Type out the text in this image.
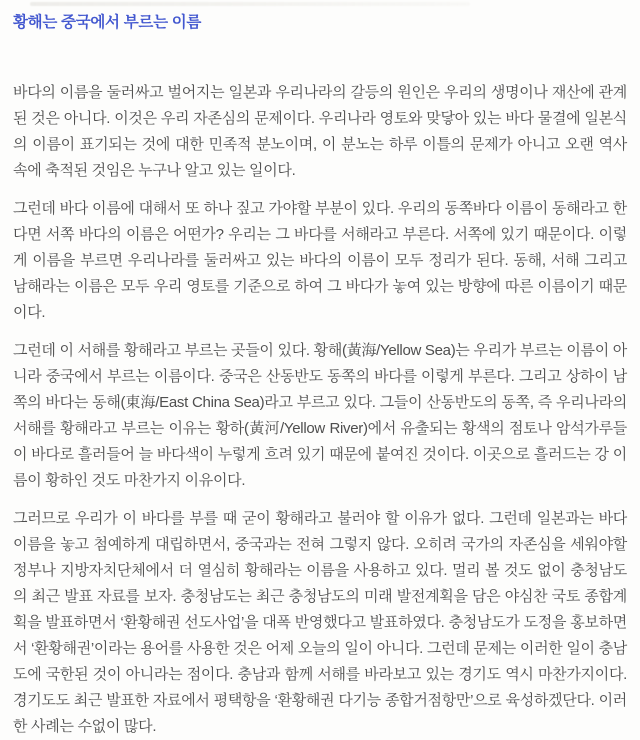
황해는 중국에서 부르는 이름

바다의 이름을 둘러싸고 벌어지는 일본과 우리나라의 갈등의 원인은 우리의 생명이나 재산에 관계된 것은 아니다. 이것은 우리 자존심의 문제이다. 우리나라 영토와 맞닿아 있는 바다 물결에 일본식의 이름이 표기되는 것에 대한 민족적 분노이며, 이 분노는 하루 이틀의 문제가 아니고 오랜 역사 속에 축적된 것임은 누구나 알고 있는 일이다.

그런데 바다 이름에 대해서 또 하나 짚고 가야할 부분이 있다. 우리의 동쪽바다 이름이 동해라고 한다면 서쪽 바다의 이름은 어떤가? 우리는 그 바다를 서해라고 부른다. 서쪽에 있기 때문이다. 이렇게 이름을 부르면 우리나라를 둘러싸고 있는 바다의 이름이 모두 정리가 된다. 동해, 서해 그리고 남해라는 이름은 모두 우리 영토를 기준으로 하여 그 바다가 놓여 있는 방향에 따른 이름이기 때문이다.

그런데 이 서해를 황해라고 부르는 곳들이 있다. 황해(黃海/Yellow Sea)는 우리가 부르는 이름이 아니라 중국에서 부르는 이름이다. 중국은 산동반도 동쪽의 바다를 이렇게 부른다. 그리고 상하이 남쪽의 바다는 동해(東海/East China Sea)라고 부르고 있다. 그들이 산동반도의 동쪽, 즉 우리나라의 서해를 황해라고 부르는 이유는 황하(黃河/Yellow River)에서 유출되는 황색의 점토나 암석가루들이 바다로 흘러들어 늘 바다색이 누렇게 흐려 있기 때문에 붙여진 것이다. 이곳으로 흘러드는 강 이름이 황하인 것도 마찬가지 이유이다.

그러므로 우리가 이 바다를 부를 때 굳이 황해라고 불러야 할 이유가 없다. 그런데 일본과는 바다 이름을 놓고 첨예하게 대립하면서, 중국과는 전혀 그렇지 않다. 오히려 국가의 자존심을 세워야할 정부나 지방자치단체에서 더 열심히 황해라는 이름을 사용하고 있다. 멀리 볼 것도 없이 충청남도의 최근 발표 자료를 보자. 충청남도는 최근 충청남도의 미래 발전계획을 담은 야심찬 국토 종합계획을 발표하면서 ‘환황해권 선도사업’을 대폭 반영했다고 발표하였다. 충청남도가 도정을 홍보하면서 ‘환황해권’이라는 용어를 사용한 것은 어제 오늘의 일이 아니다. 그런데 문제는 이러한 일이 충남도에 국한된 것이 아니라는 점이다. 충남과 함께 서해를 바라보고 있는 경기도 역시 마찬가지이다. 경기도도 최근 발표한 자료에서 평택항을 ‘환황해권 다기능 종합거점항만’으로 육성하겠단다. 이러한 사례는 수없이 많다.
